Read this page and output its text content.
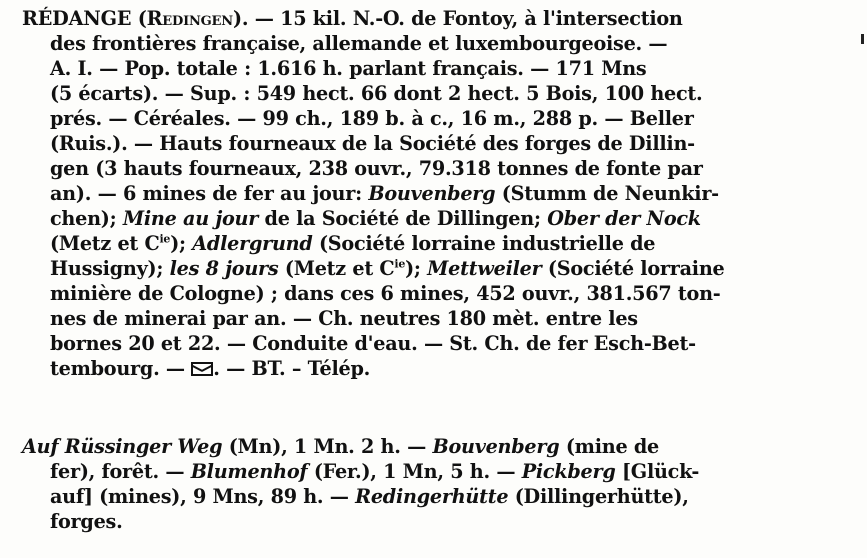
RÉDANGE (Redingen). — 15 kil. N.-O. de Fontoy, à l'intersection
des frontières française, allemande et luxembourgeoise. —
A. I. — Pop. totale : 1.616 h. parlant français. — 171 Mns
(5 écarts). — Sup. : 549 hect. 66 dont 2 hect. 5 Bois, 100 hect.
prés. — Céréales. — 99 ch., 189 b. à c., 16 m., 288 p. — Beller
(Ruis.). — Hauts fourneaux de la Société des forges de Dillin-
gen (3 hauts fourneaux, 238 ouvr., 79.318 tonnes de fonte par
an). — 6 mines de fer au jour: Bouvenberg (Stumm de Neunkir-
chen); Mine au jour de la Société de Dillingen; Ober der Nock
(Metz et $C^{ie}$); Adlergrund (Société lorraine industrielle de
Hussigny); les 8 jours (Metz et $C^{ie}$); Mettweiler (Société lorraine
minière de Cologne) ; dans ces 6 mines, 452 ouvr., 381.567 ton-
nes de minerai par an. — Ch. neutres 180 mèt. entre les
bornes 20 et 22. — Conduite d'eau. — St. Ch. de fer Esch-Bet-
tembourg. — . — BT. – Télép.
Auf Rüssinger Weg (Mn), 1 Mn. 2 h. — Bouvenberg (mine de
fer), forêt. — Blumenhof (Fer.), 1 Mn, 5 h. — Pickberg [Glück-
auf] (mines), 9 Mns, 89 h. — Redingerhütte (Dillingerhütte),
forges.
